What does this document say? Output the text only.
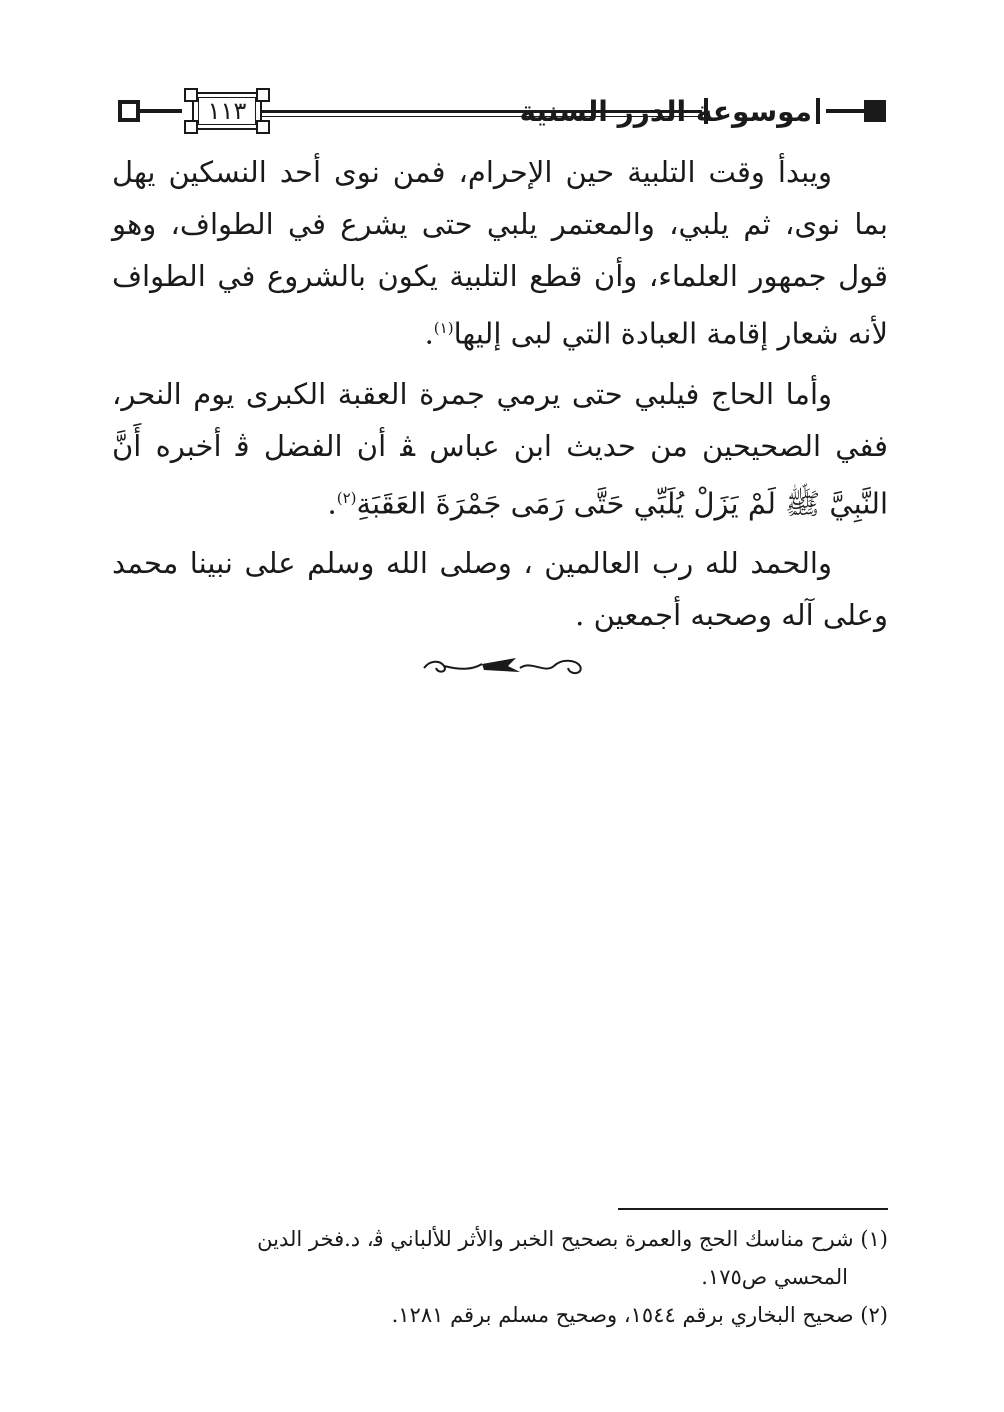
١١٣	موسوعة الدرر السنية

ويبدأ وقت التلبية حين الإحرام، فمن نوى أحد النسكين يهل بما نوى، ثم يلبي، والمعتمر يلبي حتى يشرع في الطواف، وهو قول جمهور العلماء، وأن قطع التلبية يكون بالشروع في الطواف لأنه شعار إقامة العبادة التي لبى إليها$^{(١)}$.

وأما الحاج فيلبي حتى يرمي جمرة العقبة الكبرى يوم النحر، ففي الصحيحين من حديث ابن عباس ﭭ أن الفضل ﭬ أخبره أَنَّ النَّبِيَّ ﷺ لَمْ يَزَلْ يُلَبِّي حَتَّى رَمَى جَمْرَةَ العَقَبَةِ$^{(٢)}$.

والحمد لله رب العالمين ، وصلى الله وسلم على نبينا محمد وعلى آله وصحبه أجمعين .

(١) شرح مناسك الحج والعمرة بصحيح الخبر والأثر للألباني ﭬ، د.فخر الدين

المحسي ص١٧٥.

(٢) صحيح البخاري برقم ١٥٤٤، وصحيح مسلم برقم ١٢٨١.
